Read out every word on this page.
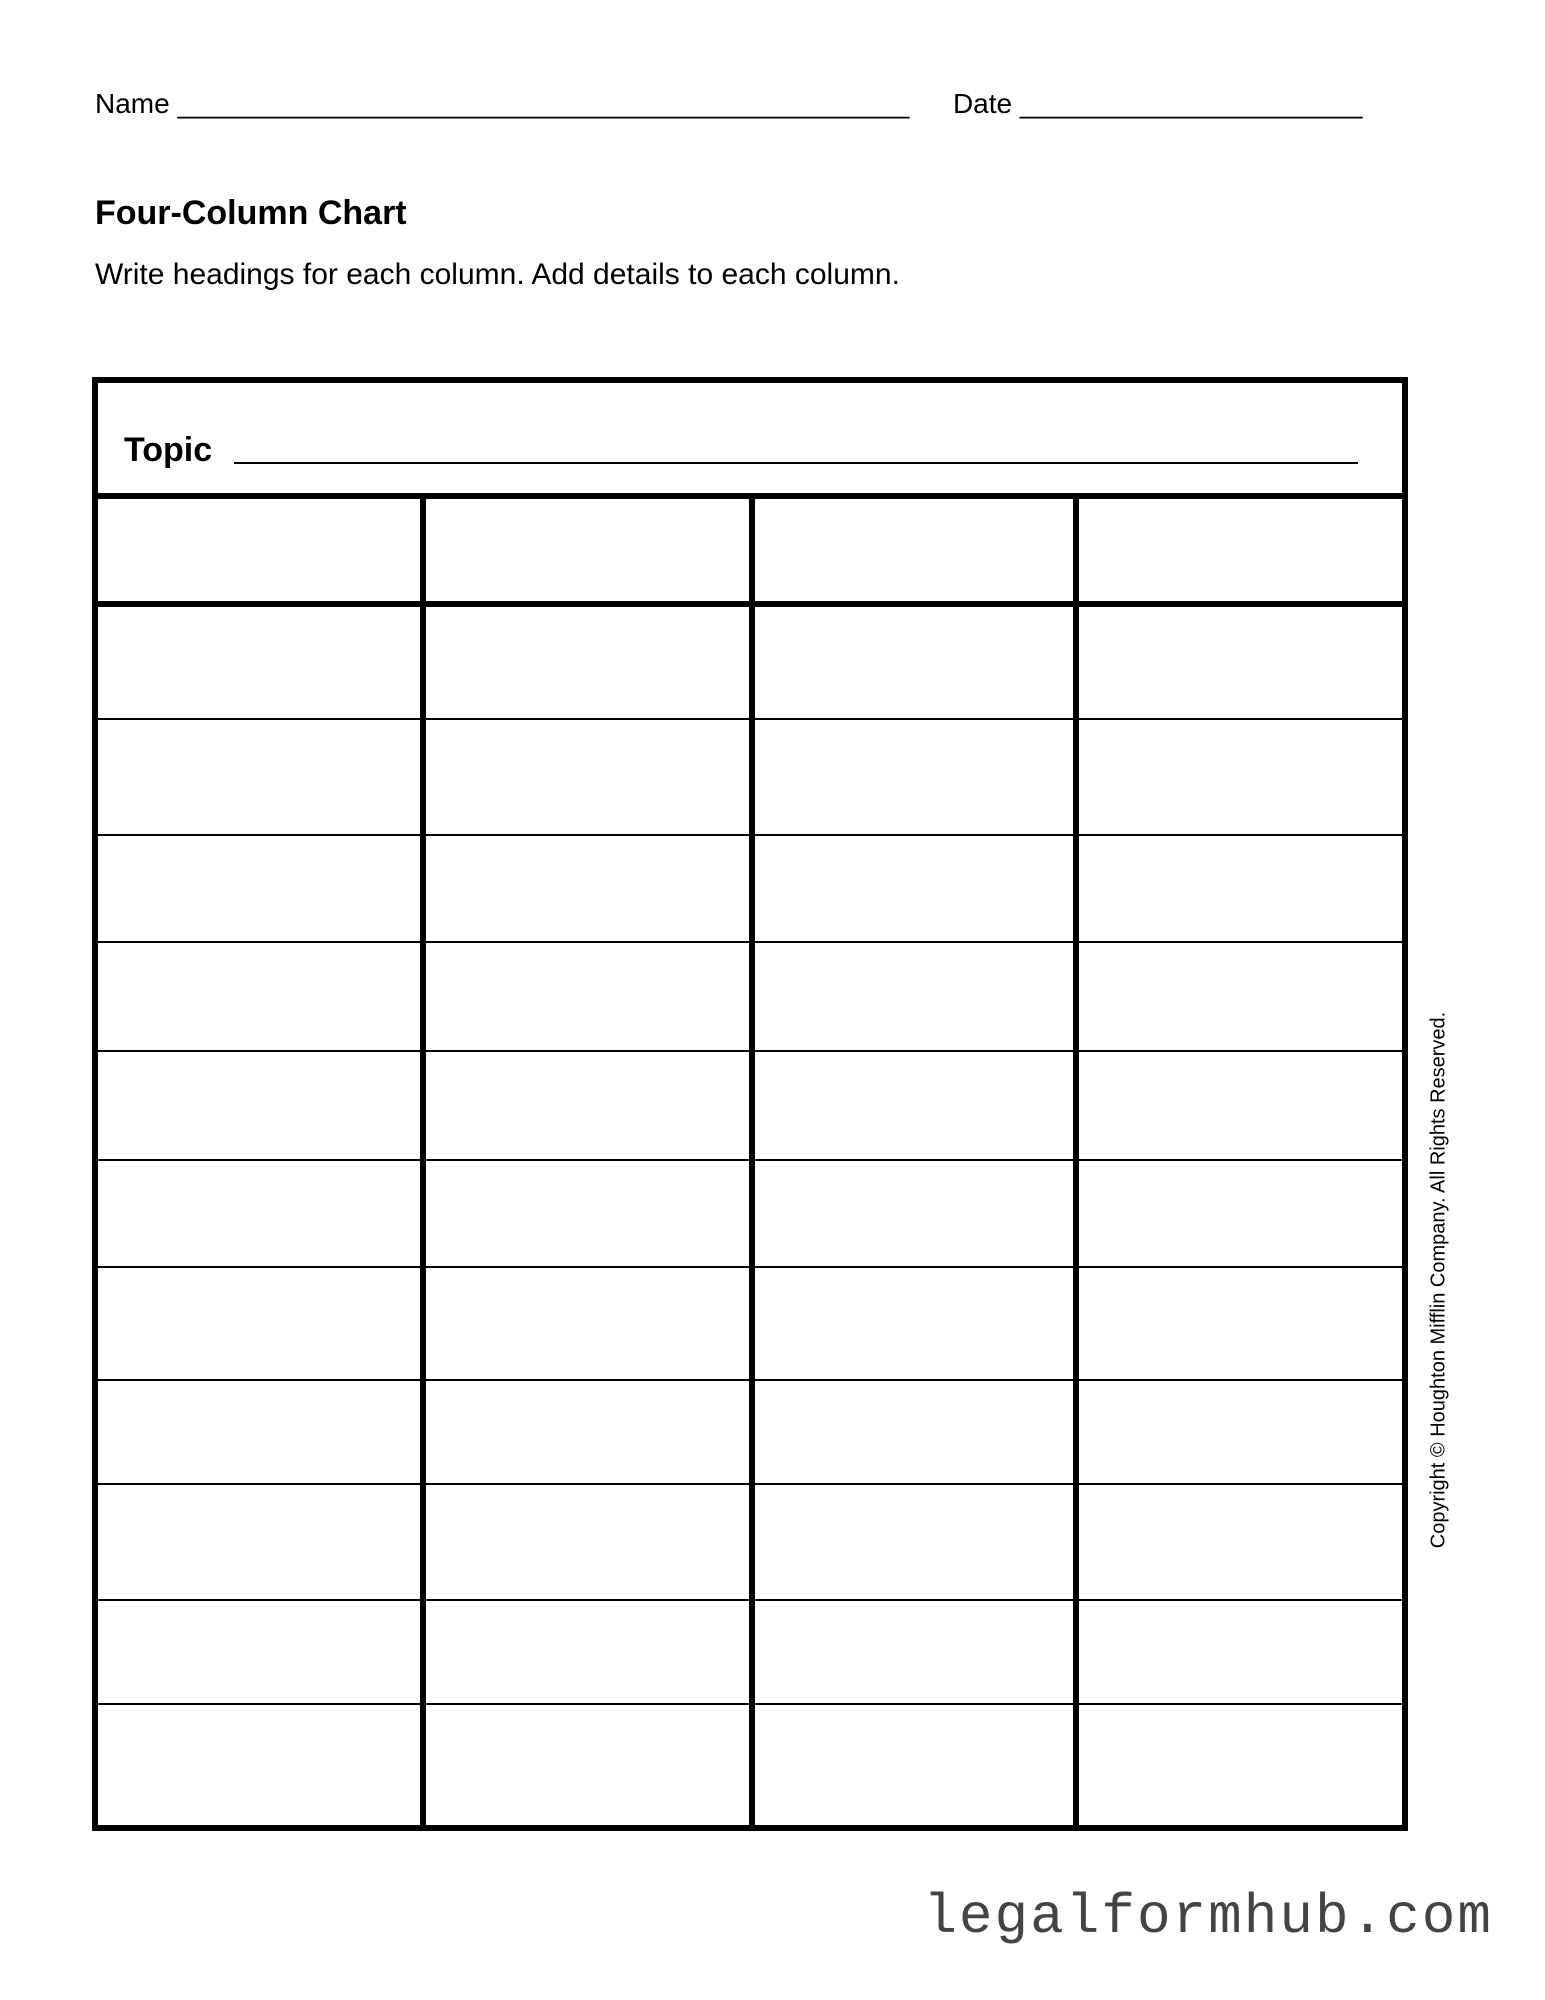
Name _______________________________________________ Date ______________________
Four-Column Chart
Write headings for each column. Add details to each column.
Topic
Copyright © Houghton Mifflin Company. All Rights Reserved.
legalformhub.com
